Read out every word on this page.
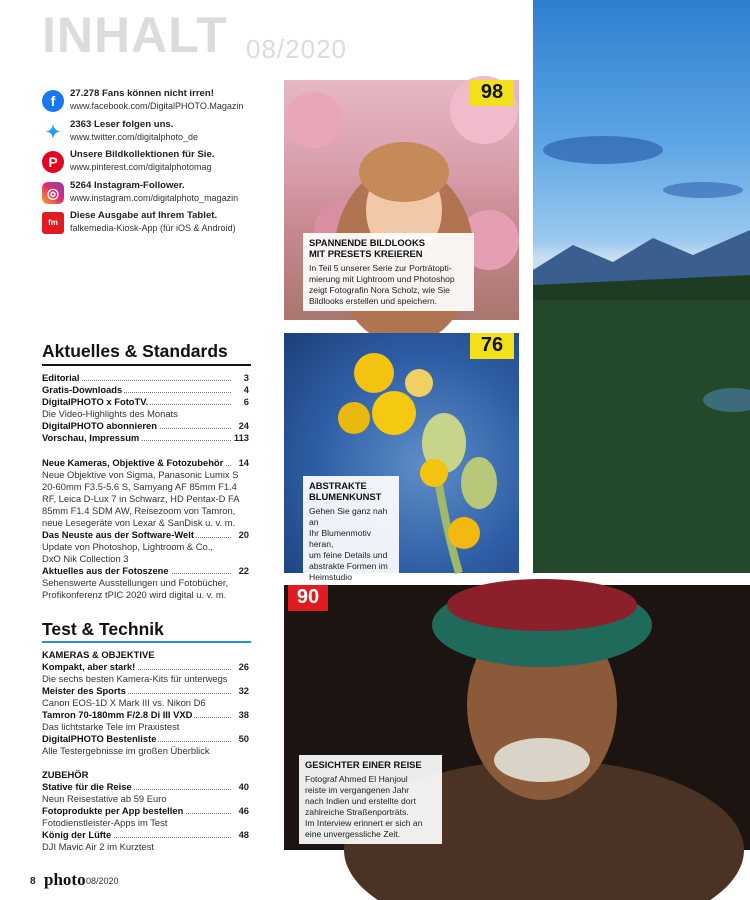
INHALT 08/2020
f	27.278 Fans können nicht irren!
www.facebook.com/DigitalPHOTO.Magazin
✦ 2363 Leser folgen uns.
www.twitter.com/digitalphoto_de
P	Unsere Bildkollektionen für Sie.
www.pinterest.com/digitalphotomag
◎	5264 Instagram-Follower.
www.instagram.com/digitalphoto_magazin
fm
Diese Ausgabe auf Ihrem Tablet.
falkemedia-Kiosk-App (für iOS & Android)
Aktuelles & Standards
Editorial	3
Gratis-Downloads	4
DigitalPHOTO x FotoTV.	6
Die Video-Highlights des Monats
DigitalPHOTO abonnieren	24
Vorschau, Impressum	113
Neue Kameras, Objektive & Fotozubehör 14
Neue Objektive von Sigma, Panasonic Lumix S
20-60mm F3.5-5.6 S, Samyang AF 85mm F1.4
RF, Leica D-Lux 7 in Schwarz, HD Pentax-D FA
85mm F1.4 SDM AW, Reisezoom von Tamron,
neue Lesegeräte von Lexar & SanDisk u. v. m.
Das Neuste aus der Software-Welt	20
Update von Photoshop, Lightroom & Co.,
DxO Nik Collection 3
Aktuelles aus der Fotoszene	22
Sehenswerte Ausstellungen und Fotobücher,
Profikonferenz tPIC 2020 wird digital u. v. m.
Test & Technik
KAMERAS & OBJEKTIVE
Kompakt, aber stark!	26
Die sechs besten Kamera-Kits für unterwegs
Meister des Sports	32
Canon EOS-1D X Mark III vs. Nikon D6
Tamron 70-180mm F/2.8 Di III VXD	38
Das lichtstarke Tele im Praxistest
DigitalPHOTO Bestenliste	50
Alle Testergebnisse im großen Überblick
ZUBEHÖR
Stative für die Reise	40
Neun Reisestative ab 59 Euro
Fotoprodukte per App bestellen	46
Fotodienstleister-Apps im Test
König der Lüfte	48
DJI Mavic Air 2 im Kurztest
98
SPANNENDE BILDLOOKS
MIT PRESETS KREIEREN
In Teil 5 unserer Serie zur Porträtopti-
mierung mit Lightroom und Photoshop
zeigt Fotografin Nora Scholz, wie Sie
Bildlooks erstellen und speichern.
76
ABSTRAKTE
BLUMENKUNST
Gehen Sie ganz nah an
Ihr Blumenmotiv heran,
um feine Details und
abstrakte Formen im
Heimstudio
90
GESICHTER EINER REISE
Fotograf Ahmed El Hanjoul
reiste im vergangenen Jahr
nach Indien und erstellte dort
zahlreiche Straßenporträts.
Im Interview erinnert er sich an
eine unvergessliche Zeit.
8 photo 08/2020
